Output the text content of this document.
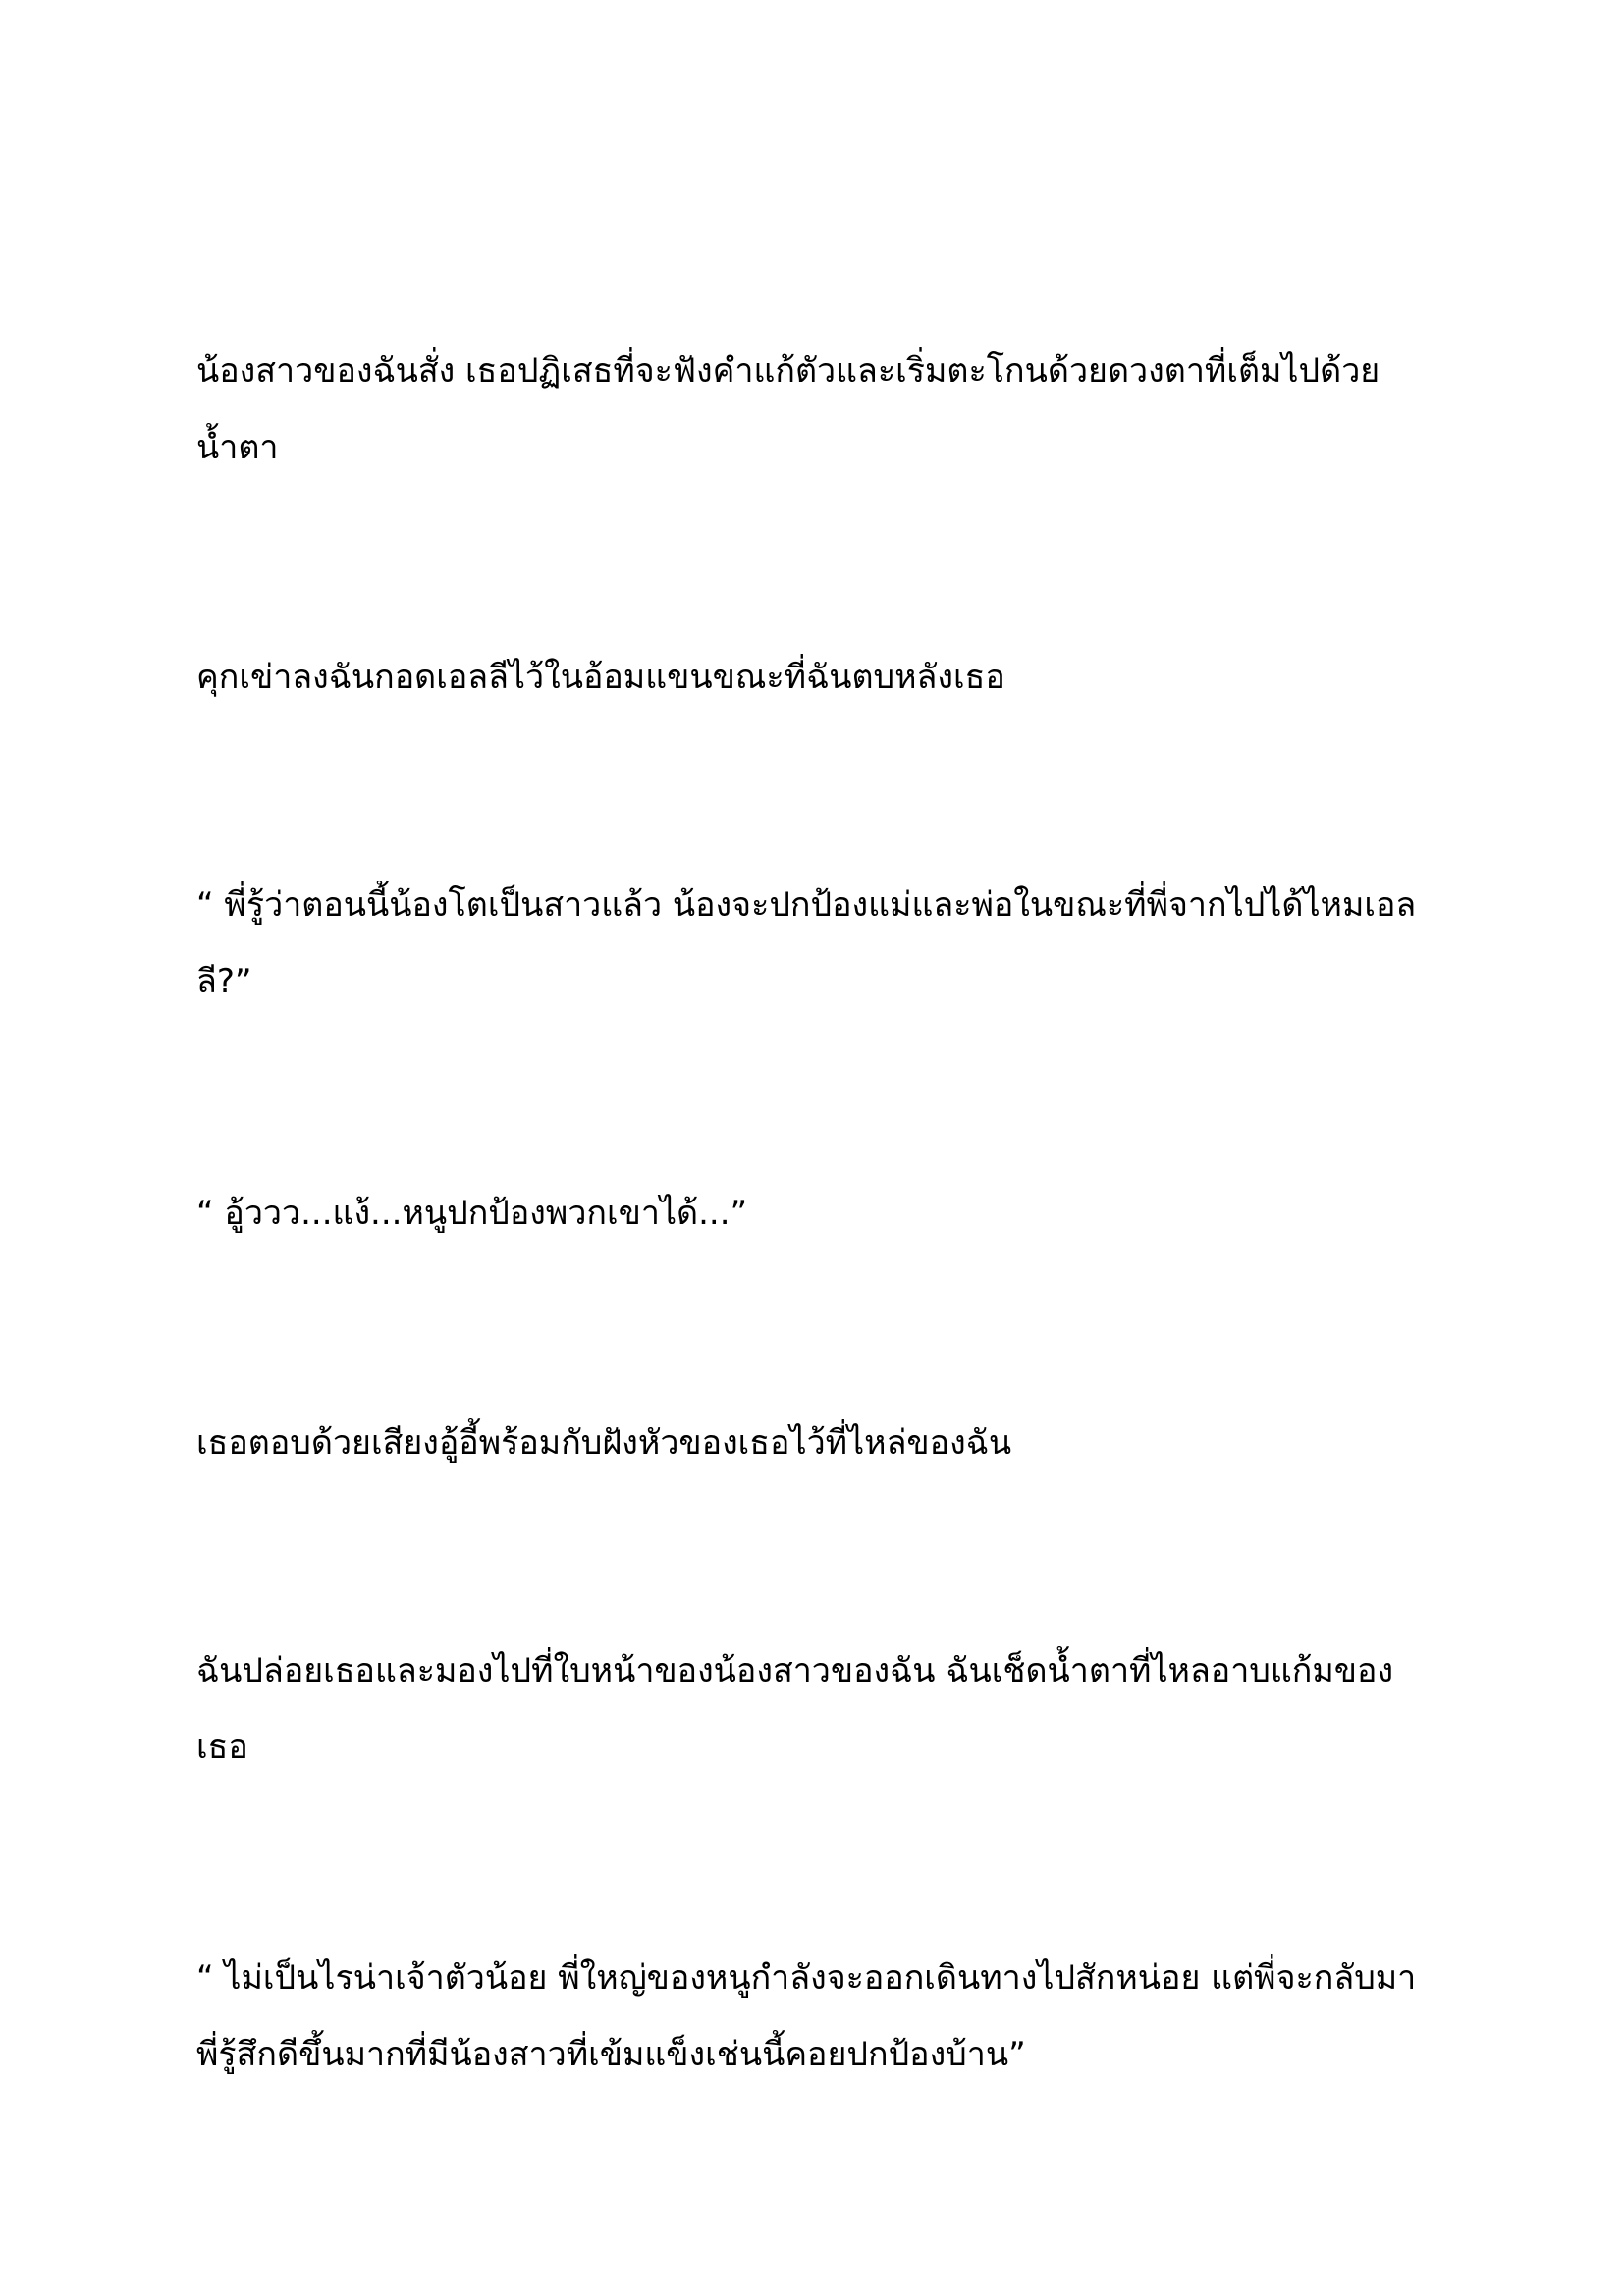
น้องสาวของฉันสั่ง เธอปฏิเสธที่จะฟังคำแก้ตัวและเริ่มตะโกนด้วยดวงตาที่เต็มไปด้วยน้ำตา

คุกเข่าลงฉันกอดเอลลีไว้ในอ้อมแขนขณะที่ฉันตบหลังเธอ

“ พี่รู้ว่าตอนนี้น้องโตเป็นสาวแล้ว น้องจะปกป้องแม่และพ่อในขณะที่พี่จากไปได้ไหมเอลลี?”

“ อู้ววว...แง้...หนูปกป้องพวกเขาได้...”

เธอตอบด้วยเสียงอู้อี้พร้อมกับฝังหัวของเธอไว้ที่ไหล่ของฉัน

ฉันปล่อยเธอและมองไปที่ใบหน้าของน้องสาวของฉัน ฉันเช็ดน้ำตาที่ไหลอาบแก้มของเธอ

“ ไม่เป็นไรน่าเจ้าตัวน้อย พี่ใหญ่ของหนูกำลังจะออกเดินทางไปสักหน่อย แต่พี่จะกลับมา พี่รู้สึกดีขึ้นมากที่มีน้องสาวที่เข้มแข็งเช่นนี้คอยปกป้องบ้าน”
